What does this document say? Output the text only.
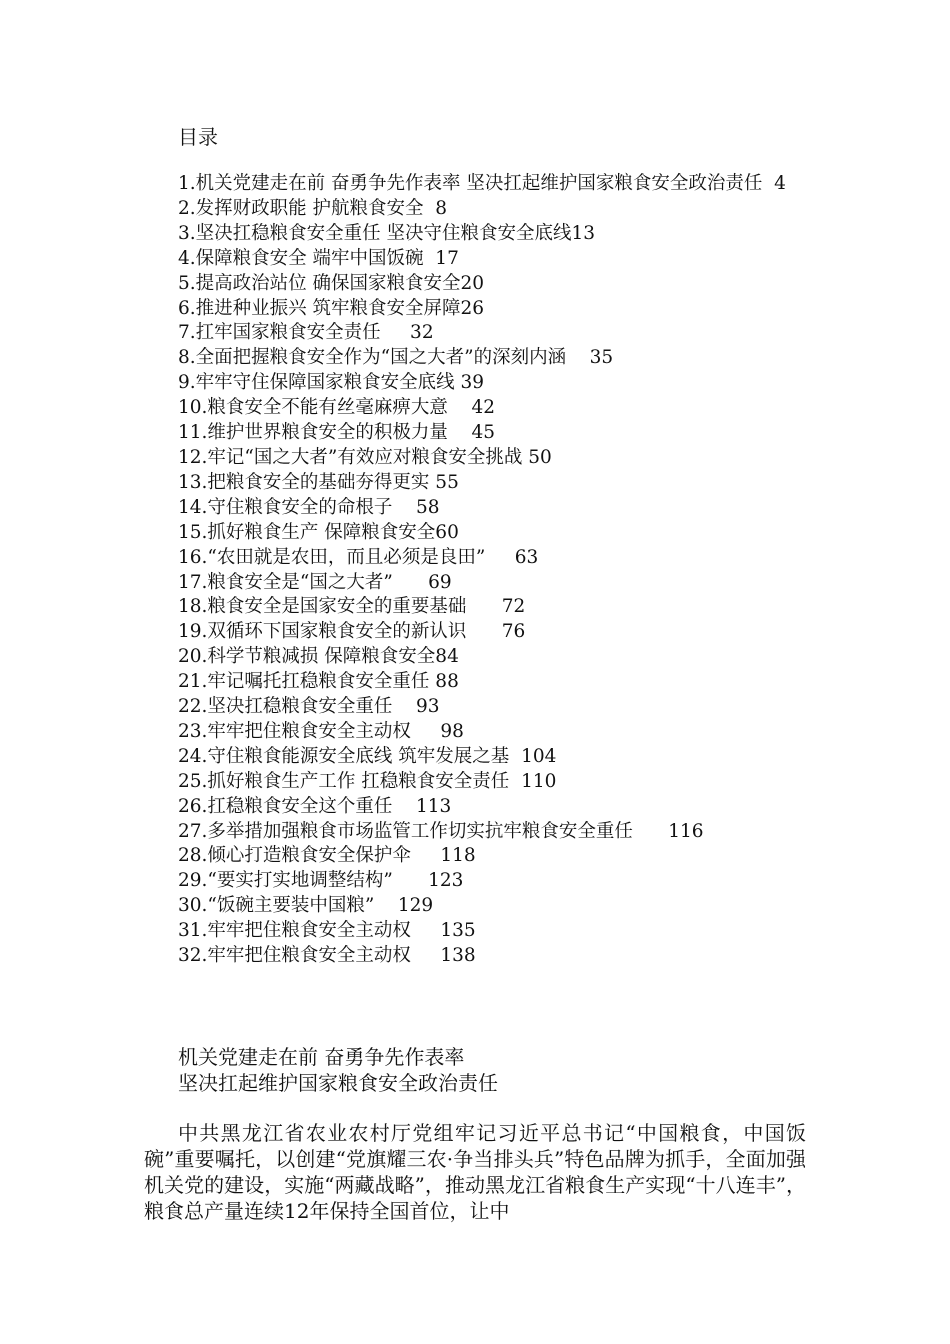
目录
1.机关党建走在前 奋勇争先作表率 坚决扛起维护国家粮食安全政治责任  4
2.发挥财政职能 护航粮食安全  8
3.坚决扛稳粮食安全重任 坚决守住粮食安全底线13
4.保障粮食安全 端牢中国饭碗  17
5.提高政治站位 确保国家粮食安全20
6.推进种业振兴 筑牢粮食安全屏障26
7.扛牢国家粮食安全责任     32
8.全面把握粮食安全作为“国之大者”的深刻内涵    35
9.牢牢守住保障国家粮食安全底线 39
10.粮食安全不能有丝毫麻痹大意    42
11.维护世界粮食安全的积极力量    45
12.牢记“国之大者”有效应对粮食安全挑战 50
13.把粮食安全的基础夯得更实 55
14.守住粮食安全的命根子    58
15.抓好粮食生产 保障粮食安全60
16.“农田就是农田，而且必须是良田”     63
17.粮食安全是“国之大者”      69
18.粮食安全是国家安全的重要基础      72
19.双循环下国家粮食安全的新认识      76
20.科学节粮减损 保障粮食安全84
21.牢记嘱托扛稳粮食安全重任 88
22.坚决扛稳粮食安全重任    93
23.牢牢把住粮食安全主动权     98
24.守住粮食能源安全底线 筑牢发展之基  104
25.抓好粮食生产工作 扛稳粮食安全责任  110
26.扛稳粮食安全这个重任    113
27.多举措加强粮食市场监管工作切实抗牢粮食安全重任      116
28.倾心打造粮食安全保护伞     118
29.“要实打实地调整结构”      123
30.“饭碗主要装中国粮”    129
31.牢牢把住粮食安全主动权     135
32.牢牢把住粮食安全主动权     138
机关党建走在前 奋勇争先作表率
坚决扛起维护国家粮食安全政治责任
中共黑龙江省农业农村厅党组牢记习近平总书记“中国粮食，中国饭碗”重要嘱托，以创建“党旗耀三农·争当排头兵”特色品牌为抓手，全面加强机关党的建设，实施“两藏战略”，推动黑龙江省粮食生产实现“十八连丰”，粮食总产量连续12年保持全国首位，让中
